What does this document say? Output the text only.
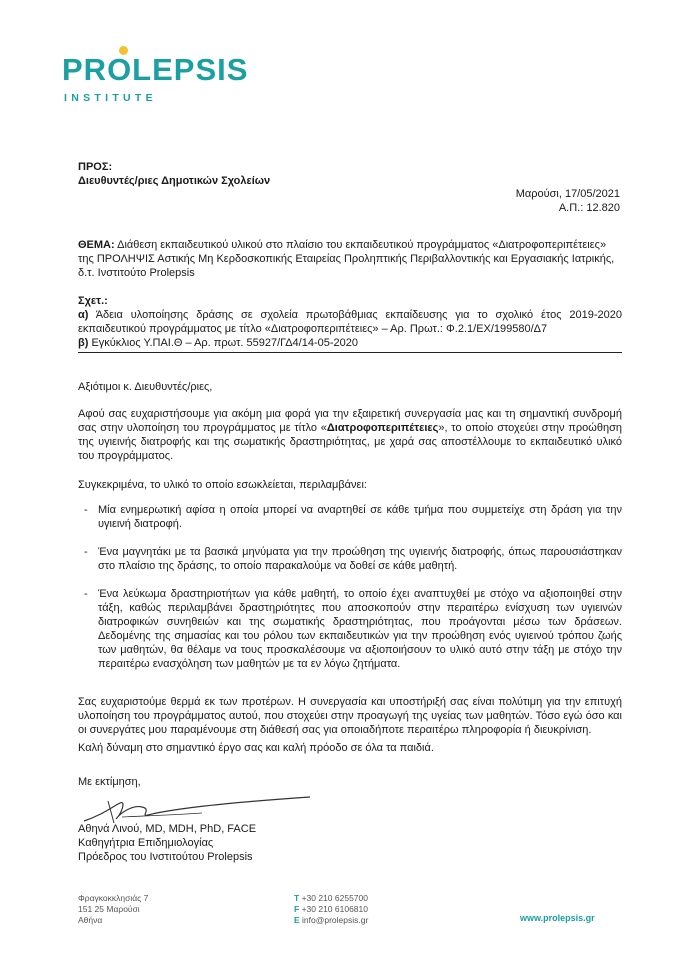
PROLEPSIS
INSTITUTE
ΠΡΟΣ:
Διευθυντές/ριες Δημοτικών Σχολείων
Μαρούσι, 17/05/2021
Α.Π.: 12.820
ΘΕΜΑ: Διάθεση εκπαιδευτικού υλικού στο πλαίσιο του εκπαιδευτικού προγράμματος «Διατροφοπεριπέτειες» της ΠΡΟΛΗΨΙΣ Αστικής Μη Κερδοσκοπικής Εταιρείας Προληπτικής Περιβαλλοντικής και Εργασιακής Ιατρικής, δ.τ. Ινστιτούτο Prolepsis
Σχετ.:
α) Άδεια υλοποίησης δράσης σε σχολεία πρωτοβάθμιας εκπαίδευσης για το σχολικό έτος 2019-2020 εκπαιδευτικού προγράμματος με τίτλο «Διατροφοπεριπέτειες» – Αρ. Πρωτ.: Φ.2.1/ΕΧ/199580/Δ7
β) Εγκύκλιος Υ.ΠΑΙ.Θ – Αρ. πρωτ. 55927/ΓΔ4/14-05-2020
Αξιότιμοι κ. Διευθυντές/ριες,
Αφού σας ευχαριστήσουμε για ακόμη μια φορά για την εξαιρετική συνεργασία μας και τη σημαντική συνδρομή σας στην υλοποίηση του προγράμματος με τίτλο «Διατροφοπεριπέτειες», το οποίο στοχεύει στην προώθηση της υγιεινής διατροφής και της σωματικής δραστηριότητας, με χαρά σας αποστέλλουμε το εκπαιδευτικό υλικό του προγράμματος.
Συγκεκριμένα, το υλικό το οποίο εσωκλείεται, περιλαμβάνει:
- Μία ενημερωτική αφίσα η οποία μπορεί να αναρτηθεί σε κάθε τμήμα που συμμετείχε στη δράση για την υγιεινή διατροφή.
- Ένα μαγνητάκι με τα βασικά μηνύματα για την προώθηση της υγιεινής διατροφής, όπως παρουσιάστηκαν στο πλαίσιο της δράσης, το οποίο παρακαλούμε να δοθεί σε κάθε μαθητή.
- Ένα λεύκωμα δραστηριοτήτων για κάθε μαθητή, το οποίο έχει αναπτυχθεί με στόχο να αξιοποιηθεί στην τάξη, καθώς περιλαμβάνει δραστηριότητες που αποσκοπούν στην περαιτέρω ενίσχυση των υγιεινών διατροφικών συνηθειών και της σωματικής δραστηριότητας, που προάγονται μέσω των δράσεων. Δεδομένης της σημασίας και του ρόλου των εκπαιδευτικών για την προώθηση ενός υγιεινού τρόπου ζωής των μαθητών, θα θέλαμε να τους προσκαλέσουμε να αξιοποιήσουν το υλικό αυτό στην τάξη με στόχο την περαιτέρω ενασχόληση των μαθητών με τα εν λόγω ζητήματα.
Σας ευχαριστούμε θερμά εκ των προτέρων. Η συνεργασία και υποστήριξή σας είναι πολύτιμη για την επιτυχή υλοποίηση του προγράμματος αυτού, που στοχεύει στην προαγωγή της υγείας των μαθητών. Τόσο εγώ όσο και οι συνεργάτες μου παραμένουμε στη διάθεσή σας για οποιαδήποτε περαιτέρω πληροφορία ή διευκρίνιση.
Καλή δύναμη στο σημαντικό έργο σας και καλή πρόοδο σε όλα τα παιδιά.
Με εκτίμηση,
Αθηνά Λινού, MD, MDH, PhD, FACE
Καθηγήτρια Επιδημιολογίας
Πρόεδρος του Ινστιτούτου Prolepsis
Φραγκοκκλησιάς 7
151 25 Μαρούσι
Αθήνα
T +30 210 6255700
F +30 210 6106810
E info@prolepsis.gr	www.prolepsis.gr
